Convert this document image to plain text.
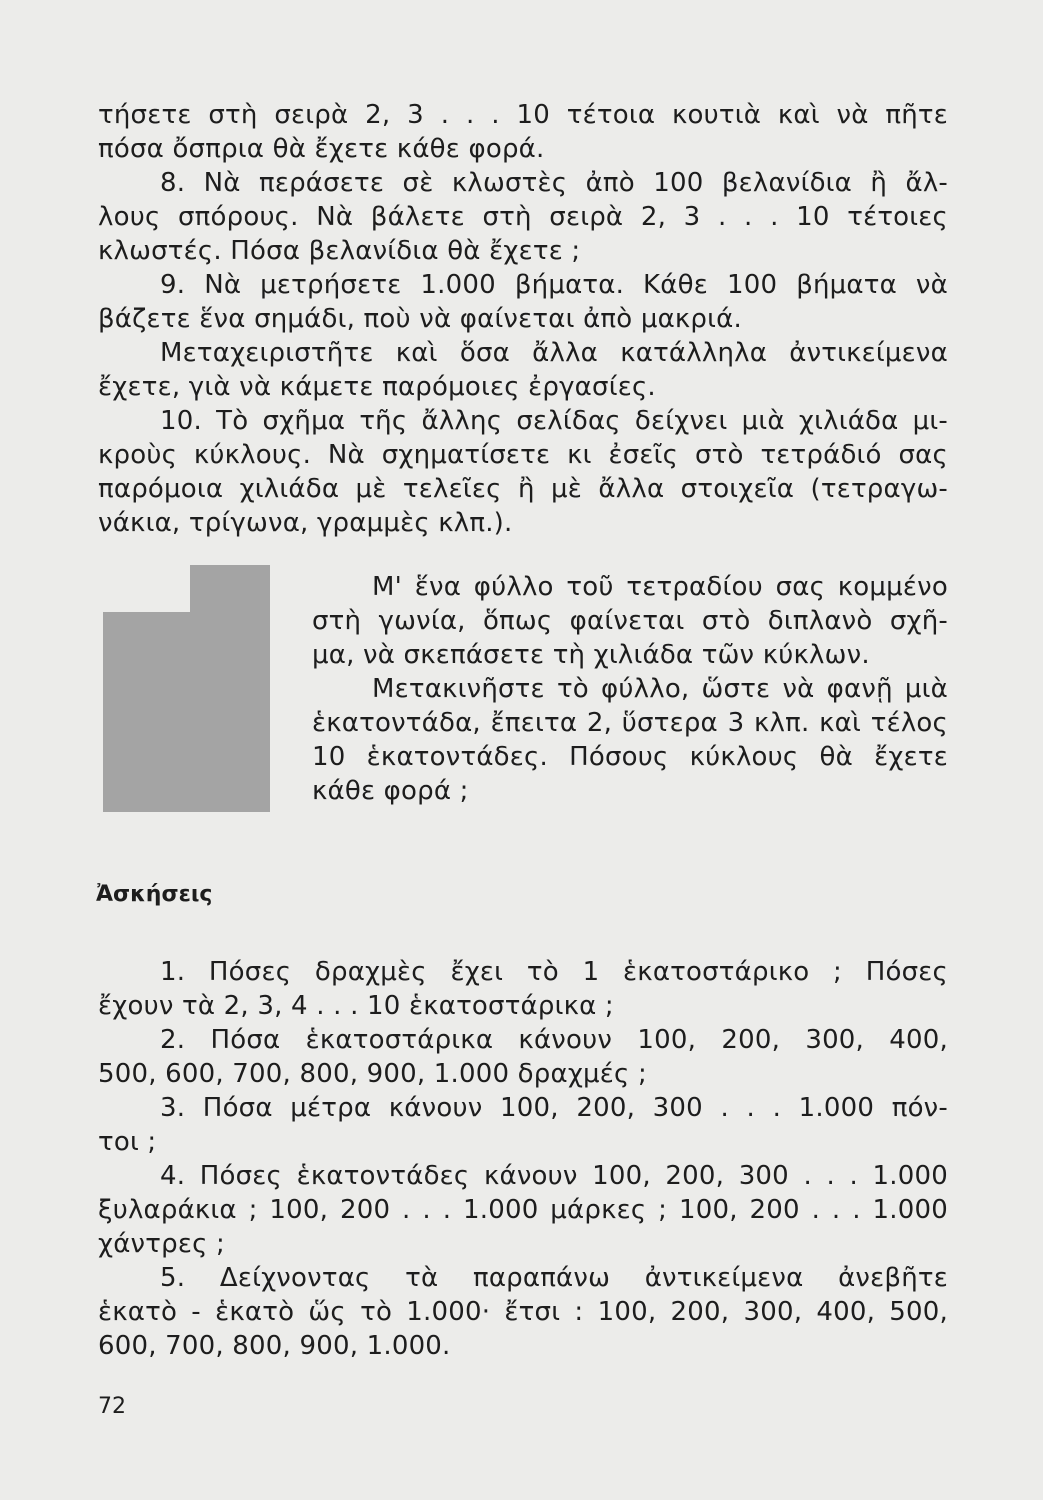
τήσετε στὴ σειρὰ 2, 3 . . . 10 τέτοια κουτιὰ καὶ νὰ πῆτε
πόσα ὄσπρια θὰ ἔχετε κάθε φορά.
8. Νὰ περάσετε σὲ κλωστὲς ἀπὸ 100 βελανίδια ἢ ἄλ-
λους σπόρους. Νὰ βάλετε στὴ σειρὰ 2, 3 . . . 10 τέτοιες
κλωστές. Πόσα βελανίδια θὰ ἔχετε ;
9. Νὰ μετρήσετε 1.000 βήματα. Κάθε 100 βήματα νὰ
βάζετε ἕνα σημάδι, ποὺ νὰ φαίνεται ἀπὸ μακριά.
Μεταχειριστῆτε καὶ ὅσα ἄλλα κατάλληλα ἀντικείμενα
ἔχετε, γιὰ νὰ κάμετε παρόμοιες ἐργασίες.
10. Τὸ σχῆμα τῆς ἄλλης σελίδας δείχνει μιὰ χιλιάδα μι-
κροὺς κύκλους. Νὰ σχηματίσετε κι ἐσεῖς στὸ τετράδιό σας
παρόμοια χιλιάδα μὲ τελεῖες ἢ μὲ ἄλλα στοιχεῖα (τετραγω-
νάκια, τρίγωνα, γραμμὲς κλπ.).
Μ' ἕνα φύλλο τοῦ τετραδίου σας κομμένο
στὴ γωνία, ὅπως φαίνεται στὸ διπλανὸ σχῆ-
μα, νὰ σκεπάσετε τὴ χιλιάδα τῶν κύκλων.
Μετακινῆστε τὸ φύλλο, ὥστε νὰ φανῇ μιὰ
ἑκατοντάδα, ἔπειτα 2, ὕστερα 3 κλπ. καὶ τέλος
10 ἑκατοντάδες. Πόσους κύκλους θὰ ἔχετε
κάθε φορά ;
Ἀσκήσεις
1. Πόσες δραχμὲς ἔχει τὸ 1 ἑκατοστάρικο ; Πόσες
ἔχουν τὰ 2, 3, 4 . . . 10 ἑκατοστάρικα ;
2. Πόσα ἑκατοστάρικα κάνουν 100, 200, 300, 400,
500, 600, 700, 800, 900, 1.000 δραχμές ;
3. Πόσα μέτρα κάνουν 100, 200, 300 . . . 1.000 πόν-
τοι ;
4. Πόσες ἑκατοντάδες κάνουν 100, 200, 300 . . . 1.000
ξυλαράκια ; 100, 200 . . . 1.000 μάρκες ; 100, 200 . . . 1.000
χάντρες ;
5. Δείχνοντας τὰ παραπάνω ἀντικείμενα ἀνεβῆτε
ἑκατὸ - ἑκατὸ ὥς τὸ 1.000· ἔτσι : 100, 200, 300, 400, 500,
600, 700, 800, 900, 1.000.
72
